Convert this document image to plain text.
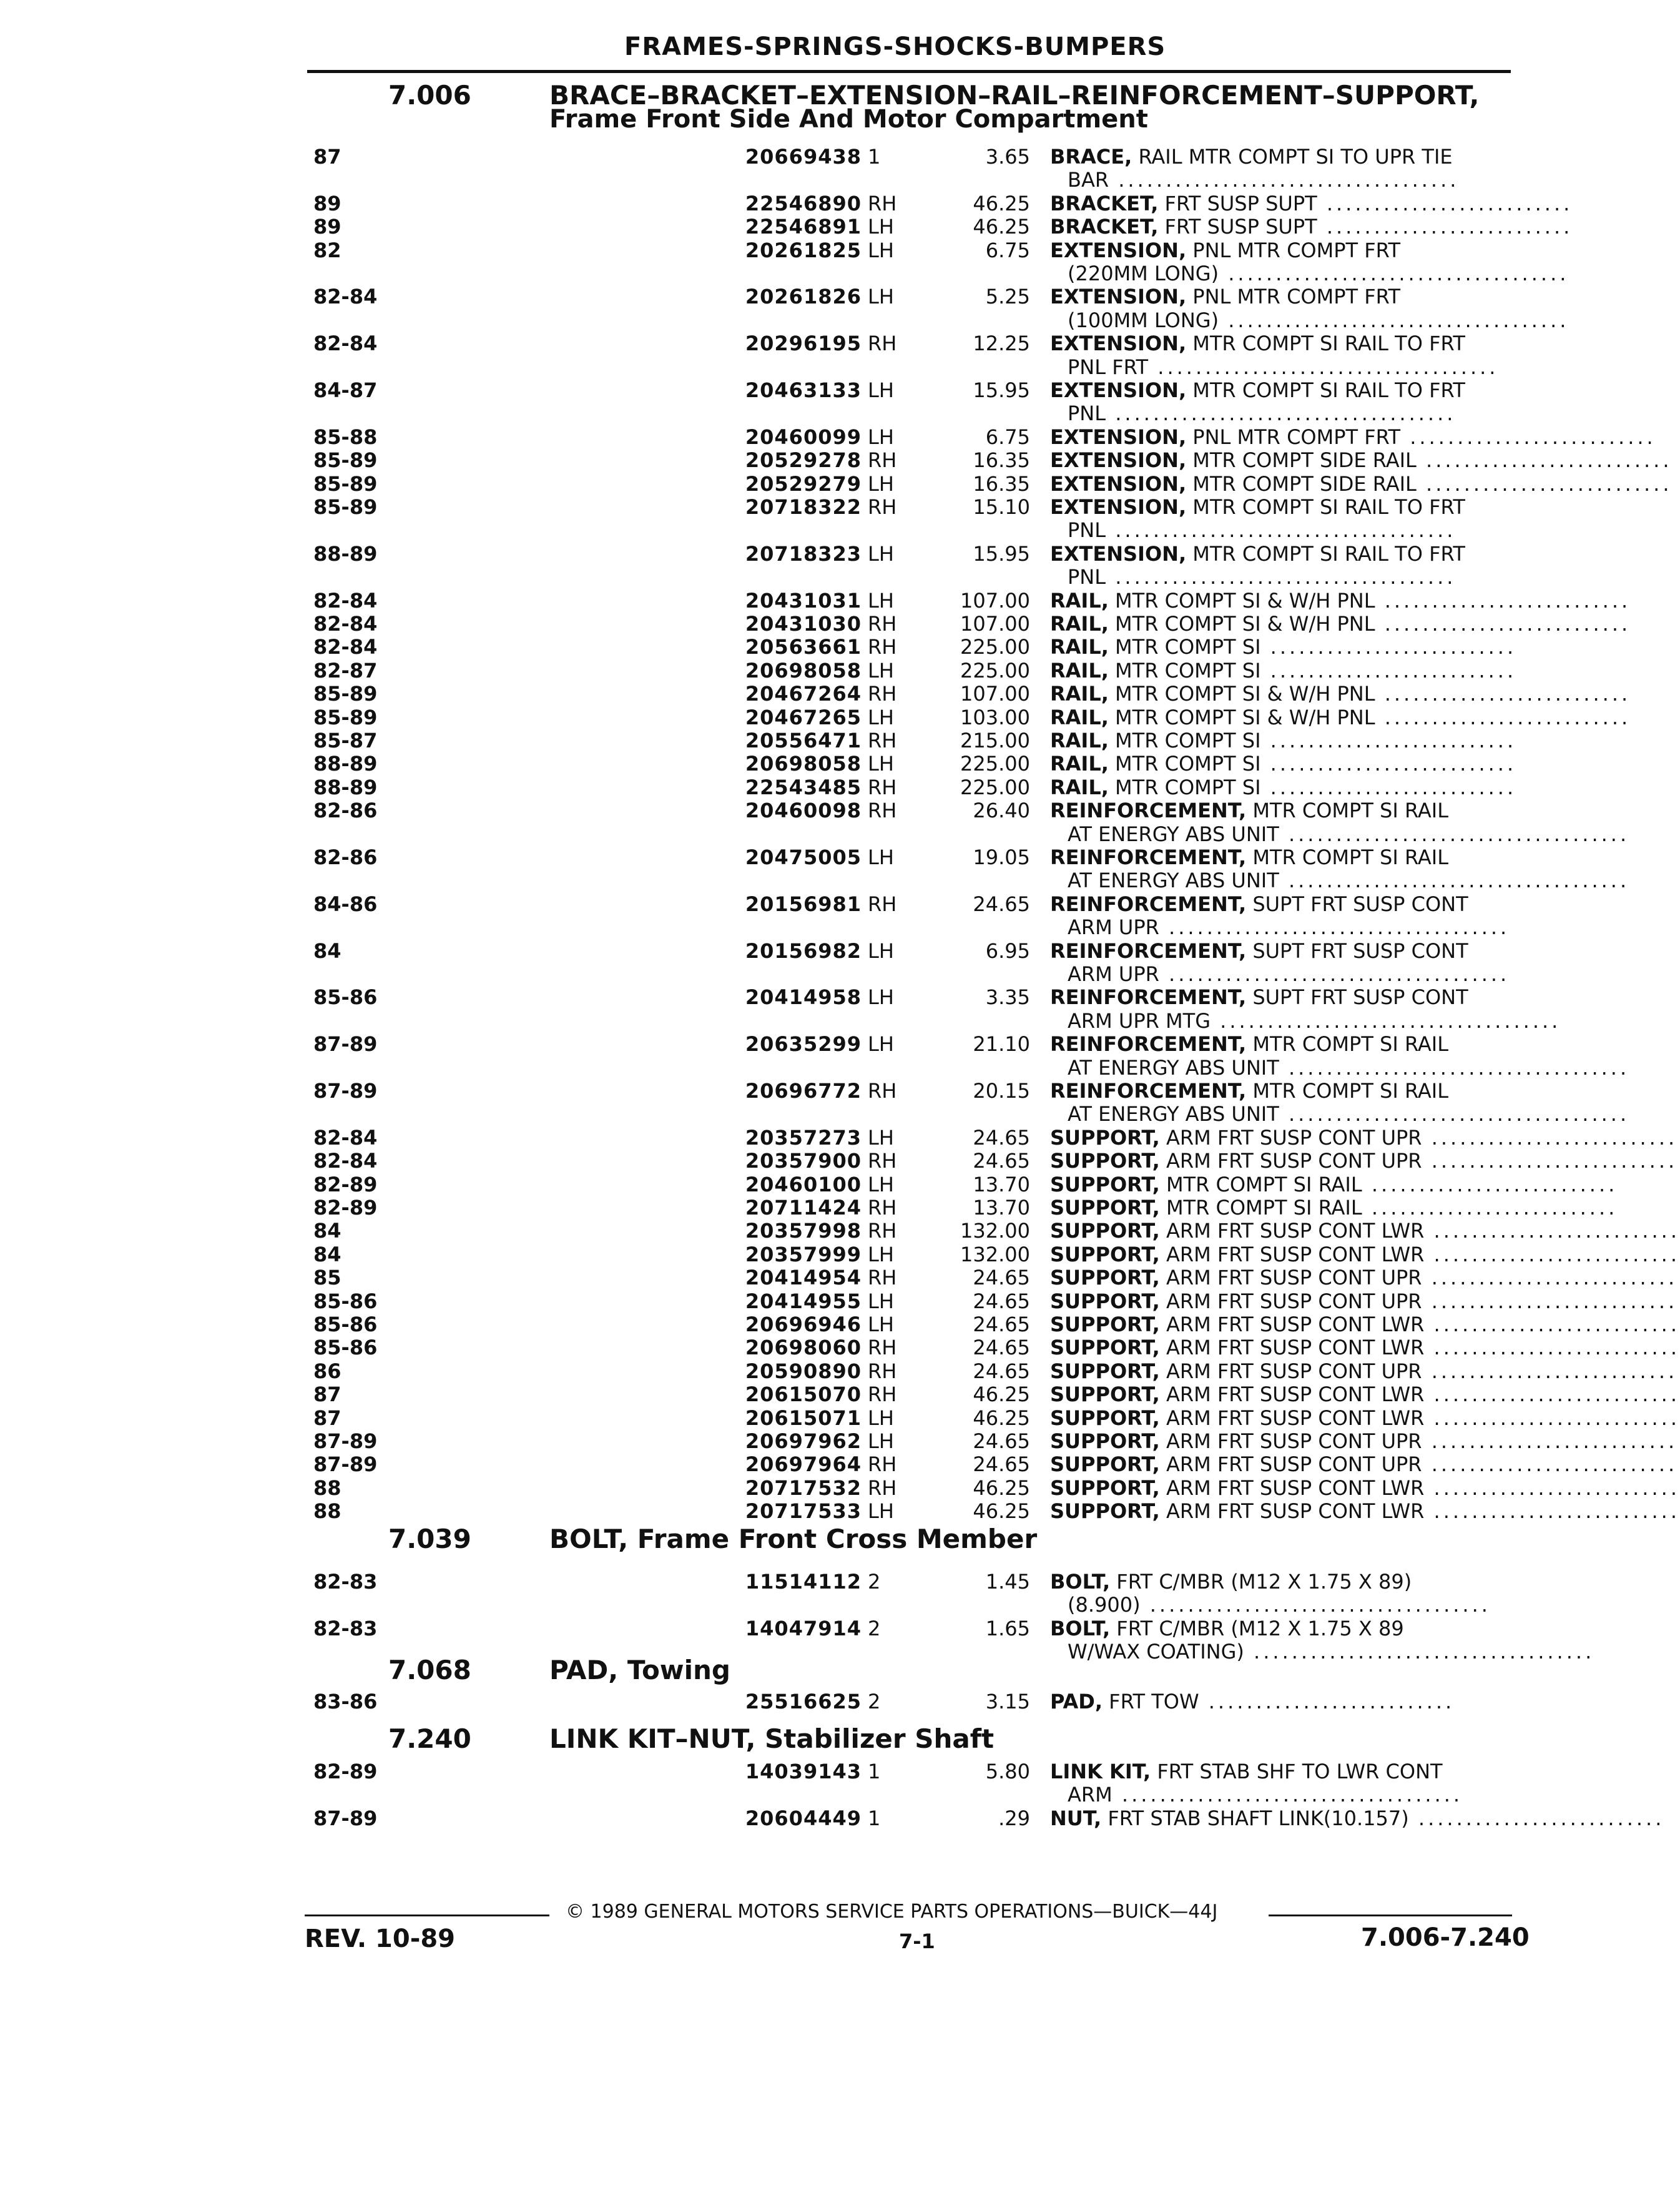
FRAMES-SPRINGS-SHOCKS-BUMPERS
7.006	BRACE–BRACKET–EXTENSION–RAIL–REINFORCEMENT–SUPPORT,
Frame Front Side And Motor Compartment
87	20669438 1	3.65 BRACE, RAIL MTR COMPT SI TO UPR TIE
BAR ....................................
89	22546890 RH	46.25 BRACKET, FRT SUSP SUPT ..........................
89	22546891 LH	46.25 BRACKET, FRT SUSP SUPT ..........................
82	20261825 LH	6.75 EXTENSION, PNL MTR COMPT FRT
(220MM LONG) ....................................
82-84	20261826 LH	5.25 EXTENSION, PNL MTR COMPT FRT
(100MM LONG) ....................................
82-84	20296195 RH	12.25 EXTENSION, MTR COMPT SI RAIL TO FRT
PNL FRT ....................................
84-87	20463133 LH	15.95 EXTENSION, MTR COMPT SI RAIL TO FRT
PNL ....................................
85-88	20460099 LH	6.75 EXTENSION, PNL MTR COMPT FRT ..........................
85-89	20529278 RH	16.35 EXTENSION, MTR COMPT SIDE RAIL ..........................
85-89	20529279 LH	16.35 EXTENSION, MTR COMPT SIDE RAIL ..........................
85-89	20718322 RH	15.10 EXTENSION, MTR COMPT SI RAIL TO FRT
PNL ....................................
88-89	20718323 LH	15.95 EXTENSION, MTR COMPT SI RAIL TO FRT
PNL ....................................
82-84	20431031 LH	107.00 RAIL, MTR COMPT SI & W/H PNL ..........................
82-84	20431030 RH	107.00 RAIL, MTR COMPT SI & W/H PNL ..........................
82-84	20563661 RH	225.00 RAIL, MTR COMPT SI ..........................
82-87	20698058 LH	225.00 RAIL, MTR COMPT SI ..........................
85-89	20467264 RH	107.00 RAIL, MTR COMPT SI & W/H PNL ..........................
85-89	20467265 LH	103.00 RAIL, MTR COMPT SI & W/H PNL ..........................
85-87	20556471 RH	215.00 RAIL, MTR COMPT SI ..........................
88-89	20698058 LH	225.00 RAIL, MTR COMPT SI ..........................
88-89	22543485 RH	225.00 RAIL, MTR COMPT SI ..........................
82-86	20460098 RH	26.40 REINFORCEMENT, MTR COMPT SI RAIL
AT ENERGY ABS UNIT ....................................
82-86	20475005 LH	19.05 REINFORCEMENT, MTR COMPT SI RAIL
AT ENERGY ABS UNIT ....................................
84-86	20156981 RH	24.65 REINFORCEMENT, SUPT FRT SUSP CONT
ARM UPR ....................................
84	20156982 LH	6.95 REINFORCEMENT, SUPT FRT SUSP CONT
ARM UPR ....................................
85-86	20414958 LH	3.35 REINFORCEMENT, SUPT FRT SUSP CONT
ARM UPR MTG ....................................
87-89	20635299 LH	21.10 REINFORCEMENT, MTR COMPT SI RAIL
AT ENERGY ABS UNIT ....................................
87-89	20696772 RH	20.15 REINFORCEMENT, MTR COMPT SI RAIL
AT ENERGY ABS UNIT ....................................
82-84	20357273 LH	24.65 SUPPORT, ARM FRT SUSP CONT UPR ..........................
82-84	20357900 RH	24.65 SUPPORT, ARM FRT SUSP CONT UPR ..........................
82-89	20460100 LH	13.70 SUPPORT, MTR COMPT SI RAIL ..........................
82-89	20711424 RH	13.70 SUPPORT, MTR COMPT SI RAIL ..........................
84	20357998 RH	132.00 SUPPORT, ARM FRT SUSP CONT LWR ..........................
84	20357999 LH	132.00 SUPPORT, ARM FRT SUSP CONT LWR ..........................
85	20414954 RH	24.65 SUPPORT, ARM FRT SUSP CONT UPR ..........................
85-86	20414955 LH	24.65 SUPPORT, ARM FRT SUSP CONT UPR ..........................
85-86	20696946 LH	24.65 SUPPORT, ARM FRT SUSP CONT LWR ..........................
85-86	20698060 RH	24.65 SUPPORT, ARM FRT SUSP CONT LWR ..........................
86	20590890 RH	24.65 SUPPORT, ARM FRT SUSP CONT UPR ..........................
87	20615070 RH	46.25 SUPPORT, ARM FRT SUSP CONT LWR ..........................
87	20615071 LH	46.25 SUPPORT, ARM FRT SUSP CONT LWR ..........................
87-89	20697962 LH	24.65 SUPPORT, ARM FRT SUSP CONT UPR ..........................
87-89	20697964 RH	24.65 SUPPORT, ARM FRT SUSP CONT UPR ..........................
88	20717532 RH	46.25 SUPPORT, ARM FRT SUSP CONT LWR ..........................
88	20717533 LH	46.25 SUPPORT, ARM FRT SUSP CONT LWR ..........................
7.039	BOLT, Frame Front Cross Member
82-83	11514112 2	1.45 BOLT, FRT C/MBR (M12 X 1.75 X 89)
(8.900) ....................................
82-83	14047914 2	1.65 BOLT, FRT C/MBR (M12 X 1.75 X 89
W/WAX COATING) ....................................
7.068	PAD, Towing
83-86	25516625 2	3.15 PAD, FRT TOW ..........................
7.240	LINK KIT–NUT, Stabilizer Shaft
82-89	14039143 1	5.80 LINK KIT, FRT STAB SHF TO LWR CONT
ARM ....................................
87-89	20604449 1	.29 NUT, FRT STAB SHAFT LINK(10.157) ..........................
© 1989 GENERAL MOTORS SERVICE PARTS OPERATIONS—BUICK—44J
REV. 10-89	7-1	7.006-7.240
